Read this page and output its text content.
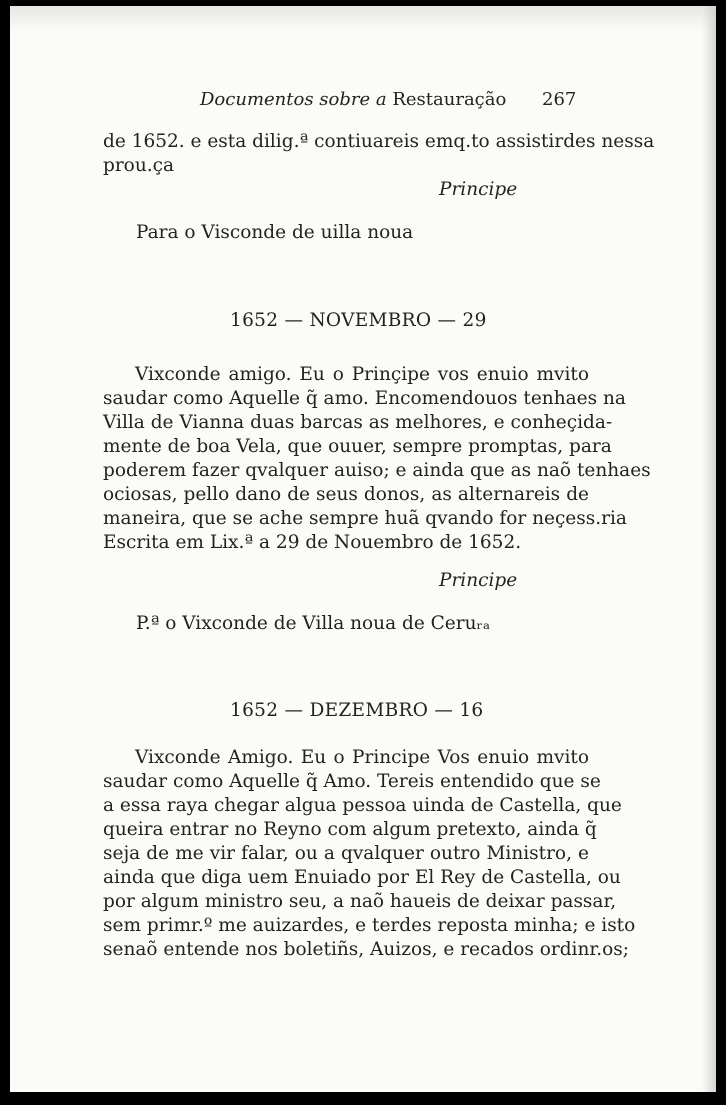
Documentos sobre a Restauração 267
de 1652. e esta dilig.ª contiuareis emq.to assistirdes nessa
prou.ça
Principe
Para o Visconde de uilla noua
1652 — NOVEMBRO — 29
Vixconde amigo. Eu o Prinçipe vos enuio mvito
saudar como Aquelle q̃ amo. Encomendouos tenhaes na
Villa de Vianna duas barcas as melhores, e conheçida-
mente de boa Vela, que ouuer, sempre promptas, para
poderem fazer qvalquer auiso; e ainda que as naõ tenhaes
ociosas, pello dano de seus donos, as alternareis de
maneira, que se ache sempre huã qvando for neçess.ria
Escrita em Lix.ª a 29 de Nouembro de 1652.
Principe
P.ª o Vixconde de Villa noua de Ceruᵣₐ
1652 — DEZEMBRO — 16
Vixconde Amigo. Eu o Principe Vos enuio mvito
saudar como Aquelle q̃ Amo. Tereis entendido que se
a essa raya chegar algua pessoa uinda de Castella, que
queira entrar no Reyno com algum pretexto, ainda q̃
seja de me vir falar, ou a qvalquer outro Ministro, e
ainda que diga uem Enuiado por El Rey de Castella, ou
por algum ministro seu, a naõ haueis de deixar passar,
sem primr.º me auizardes, e terdes reposta minha; e isto
senaõ entende nos boletiñs, Auizos, e recados ordinr.os;
